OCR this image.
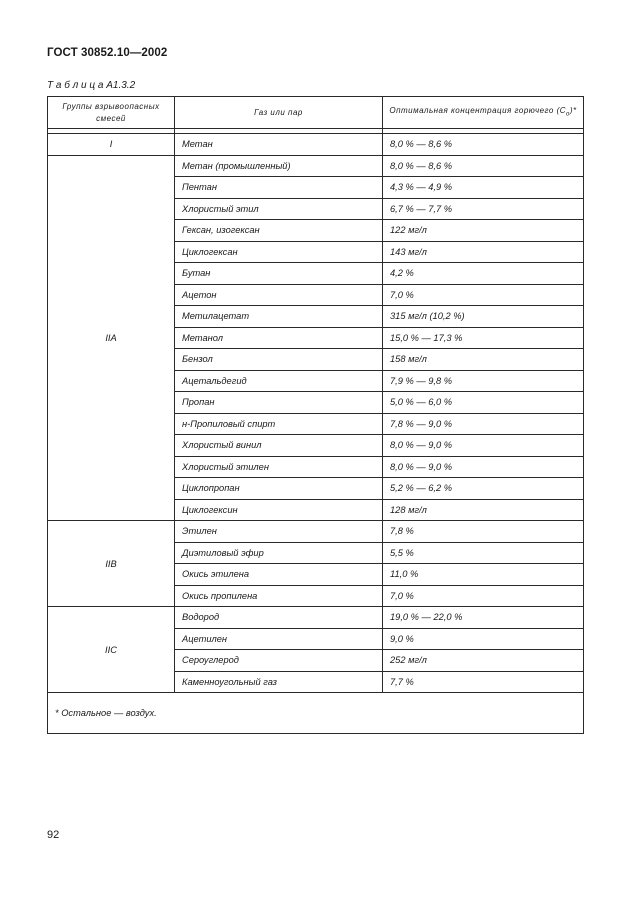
ГОСТ 30852.10—2002
Т а б л и ц а А1.3.2
Группы взрывоопасных смесей	Газ или пар	Оптимальная концентрация горючего $(С_о)*$

I	Метан	8,0 % — 8,6 %
IIA	Метан (промышленный)	8,0 % — 8,6 %
	Пентан	4,3 % — 4,9 %
	Хлористый этил	6,7 % — 7,7 %
	Гексан, изогексан	122 мг/л
	Циклогексан	143 мг/л
	Бутан	4,2 %
	Ацетон	7,0 %
	Метилацетат	315 мг/л (10,2 %)
	Метанол	15,0 % — 17,3 %
	Бензол	158 мг/л
	Ацетальдегид	7,9 % — 9,8 %
	Пропан	5,0 % — 6,0 %
	н-Пропиловый спирт	7,8 % — 9,0 %
	Хлористый винил	8,0 % — 9,0 %
	Хлористый этилен	8,0 % — 9,0 %
	Циклопропан	5,2 % — 6,2 %
	Циклогексин	128 мг/л
IIB	Этилен	7,8 %
	Диэтиловый эфир	5,5 %
	Окись этилена	11,0 %
	Окись пропилена	7,0 %
IIC	Водород	19,0 % — 22,0 %
	Ацетилен	9,0 %
	Сероуглерод	252 мг/л
	Каменноугольный газ	7,7 %
* Остальное — воздух.		
92
